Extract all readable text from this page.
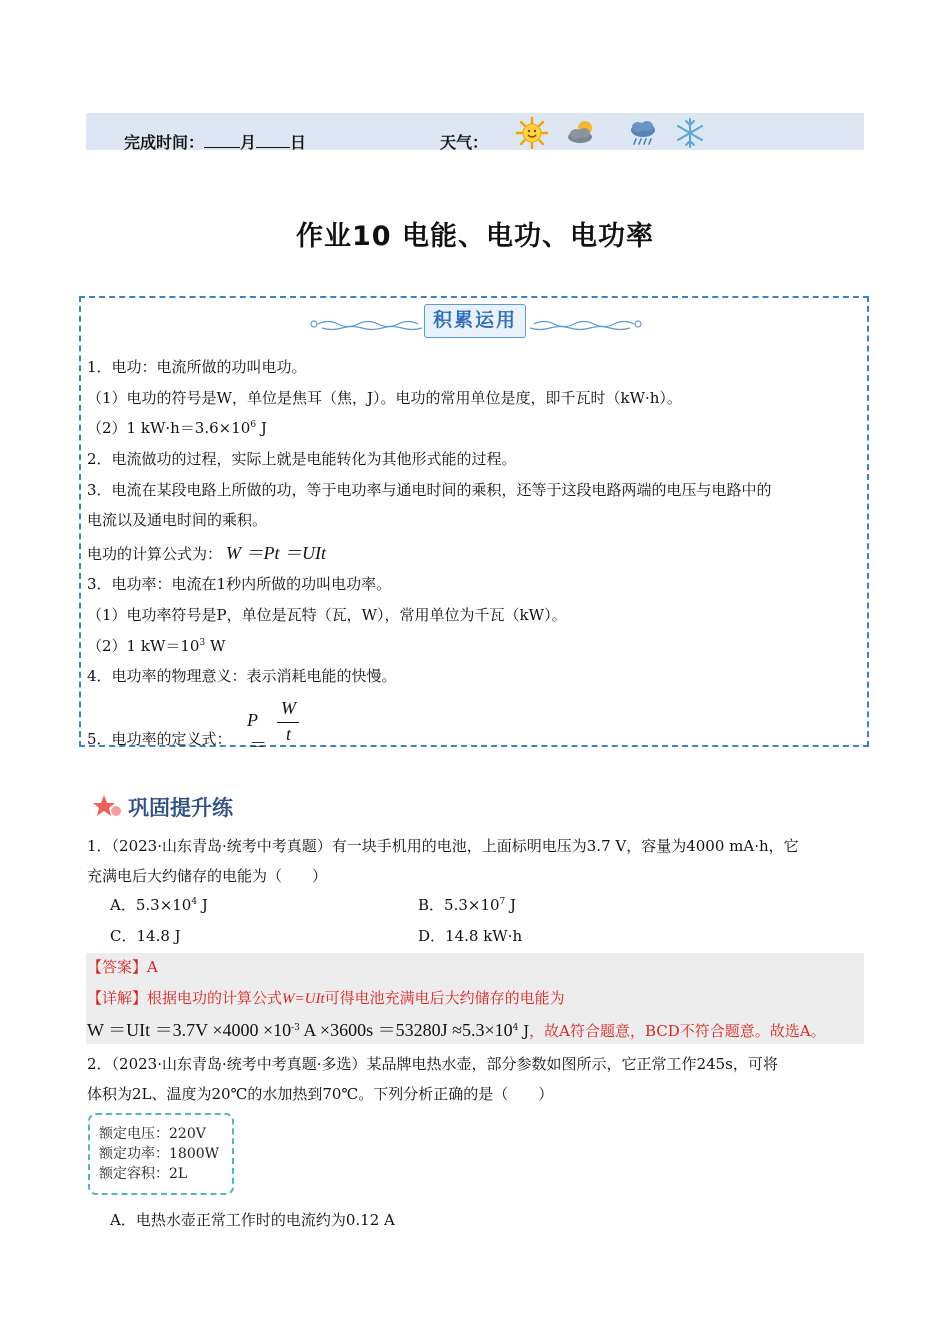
完成时间： 月 日	天气：
作业10 电能、电功、电功率
积累运用
1．电功：电流所做的功叫电功。
（1）电功的符号是W，单位是焦耳（焦，J）。电功的常用单位是度，即千瓦时（kW·h）。
（2）1 $kW\cdot h=3.6\times 10^6$ J
2．电流做功的过程，实际上就是电能转化为其他形式能的过程。
3．电流在某段电路上所做的功，等于电功率与通电时间的乘积，还等于这段电路两端的电压与电路中的
电流以及通电时间的乘积。
电功的计算公式为： W ＝Pt ＝UIt
3．电功率：电流在1秒内所做的功叫电功率。
（1）电功率符号是P，单位是瓦特（瓦，W），常用单位为千瓦（kW）。
（2）1 $kW=10^3$ W
4．电功率的物理意义：表示消耗电能的快慢。
5．电功率的定义式：
P ＝
W
t
巩固提升练
1．（2023·山东青岛·统考中考真题）有一块手机用的电池，上面标明电压为3.7 V，容量为4000 mA·h，它
充满电后大约储存的电能为（　　）
A．$5.3\times 10^4$ J	B．$5.3\times 10^7$ J
C．14.8 J	D．14.8 kW·h
【答案】A
【详解】根据电功的计算公式W=UIt可得电池充满电后大约储存的电能为
$W =UIt =3.7V \times 4000 \times 10^{-3}$ $A \times 3600s =53280J \approx 5.3\times 10^4$ J，故A符合题意，BCD不符合题意。故选A。
2．（2023·山东青岛·统考中考真题·多选）某品牌电热水壶，部分参数如图所示，它正常工作245s，可将
体积为2L、温度为20℃的水加热到70℃。下列分析正确的是（　　）
额定电压：220V
额定功率：1800W
额定容积：2L
A．电热水壶正常工作时的电流约为0.12 A
